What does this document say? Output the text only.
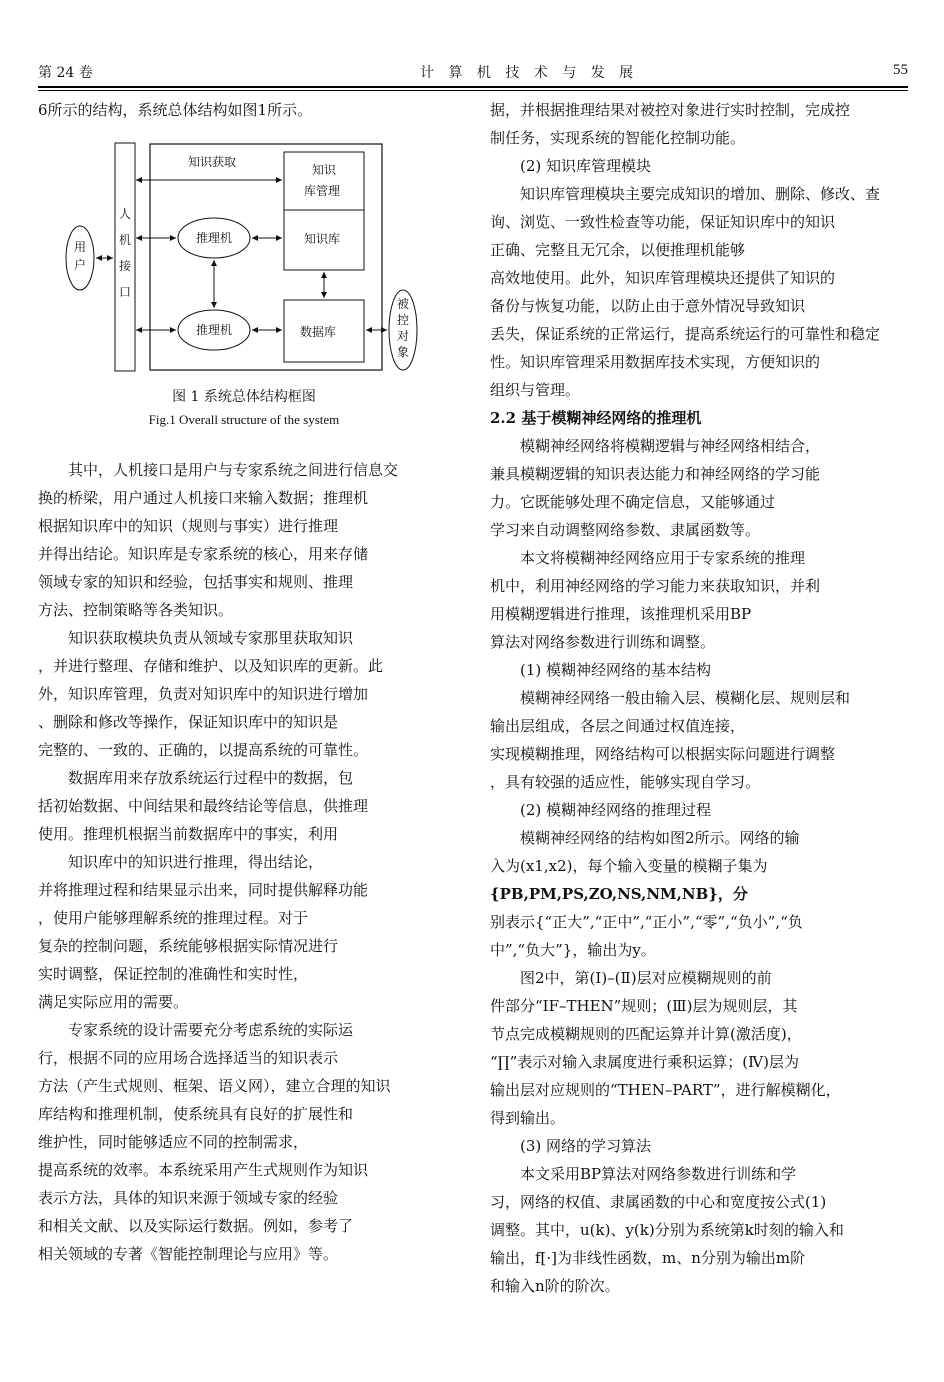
第 24 卷	计 算 机 技 术 与 发 展	55

6所示的结构，系统总体结构如图1所示。

用
户
人
机
接
口
知识
库管理
知识库
数据库
推理机
推理机
被
控
对
象
知识获取
图 1 系统总体结构框图
Fig.1 Overall structure of the system

其中，人机接口是用户与专家系统之间进行信息交

换的桥梁，用户通过人机接口来输入数据；推理机

根据知识库中的知识（规则与事实）进行推理

并得出结论。知识库是专家系统的核心，用来存储

领域专家的知识和经验，包括事实和规则、推理

方法、控制策略等各类知识。

知识获取模块负责从领域专家那里获取知识

，并进行整理、存储和维护、以及知识库的更新。此

外，知识库管理，负责对知识库中的知识进行增加

、删除和修改等操作，保证知识库中的知识是

完整的、一致的、正确的，以提高系统的可靠性。

数据库用来存放系统运行过程中的数据，包

括初始数据、中间结果和最终结论等信息，供推理

使用。推理机根据当前数据库中的事实，利用

知识库中的知识进行推理，得出结论，

并将推理过程和结果显示出来，同时提供解释功能

，使用户能够理解系统的推理过程。对于

复杂的控制问题，系统能够根据实际情况进行

实时调整，保证控制的准确性和实时性，

满足实际应用的需要。

专家系统的设计需要充分考虑系统的实际运

行，根据不同的应用场合选择适当的知识表示

方法（产生式规则、框架、语义网），建立合理的知识

库结构和推理机制，使系统具有良好的扩展性和

维护性，同时能够适应不同的控制需求，

提高系统的效率。本系统采用产生式规则作为知识

表示方法，具体的知识来源于领域专家的经验

和相关文献、以及实际运行数据。例如，参考了

相关领域的专著《智能控制理论与应用》等。

据，并根据推理结果对被控对象进行实时控制，完成控

制任务，实现系统的智能化控制功能。

(2) 知识库管理模块

知识库管理模块主要完成知识的增加、删除、修改、查

询、浏览、一致性检查等功能，保证知识库中的知识

正确、完整且无冗余，以便推理机能够

高效地使用。此外，知识库管理模块还提供了知识的

备份与恢复功能，以防止由于意外情况导致知识

丢失，保证系统的正常运行，提高系统运行的可靠性和稳定

性。知识库管理采用数据库技术实现，方便知识的

组织与管理。

2.2 基于模糊神经网络的推理机

模糊神经网络将模糊逻辑与神经网络相结合，

兼具模糊逻辑的知识表达能力和神经网络的学习能

力。它既能够处理不确定信息，又能够通过

学习来自动调整网络参数、隶属函数等。

本文将模糊神经网络应用于专家系统的推理

机中，利用神经网络的学习能力来获取知识，并利

用模糊逻辑进行推理，该推理机采用BP

算法对网络参数进行训练和调整。

(1) 模糊神经网络的基本结构

模糊神经网络一般由输入层、模糊化层、规则层和

输出层组成，各层之间通过权值连接，

实现模糊推理，网络结构可以根据实际问题进行调整

，具有较强的适应性，能够实现自学习。

(2) 模糊神经网络的推理过程

模糊神经网络的结构如图2所示。网络的输

入为(x1,x2)，每个输入变量的模糊子集为

{PB,PM,PS,ZO,NS,NM,NB}，分

别表示{“正大”,“正中”,“正小”,“零”,“负小”,“负

中”,“负大”}，输出为y。

图2中，第(Ⅰ)–(Ⅱ)层对应模糊规则的前

件部分“IF–THEN”规则；(Ⅲ)层为规则层，其

节点完成模糊规则的匹配运算并计算(激活度)，

“∏”表示对输入隶属度进行乘积运算；(Ⅳ)层为

输出层对应规则的“THEN–PART”，进行解模糊化，

得到输出。

(3) 网络的学习算法

本文采用BP算法对网络参数进行训练和学

习，网络的权值、隶属函数的中心和宽度按公式(1)

调整。其中，u(k)、y(k)分别为系统第k时刻的输入和

输出，f[·]为非线性函数，m、n分别为输出m阶

和输入n阶的阶次。
